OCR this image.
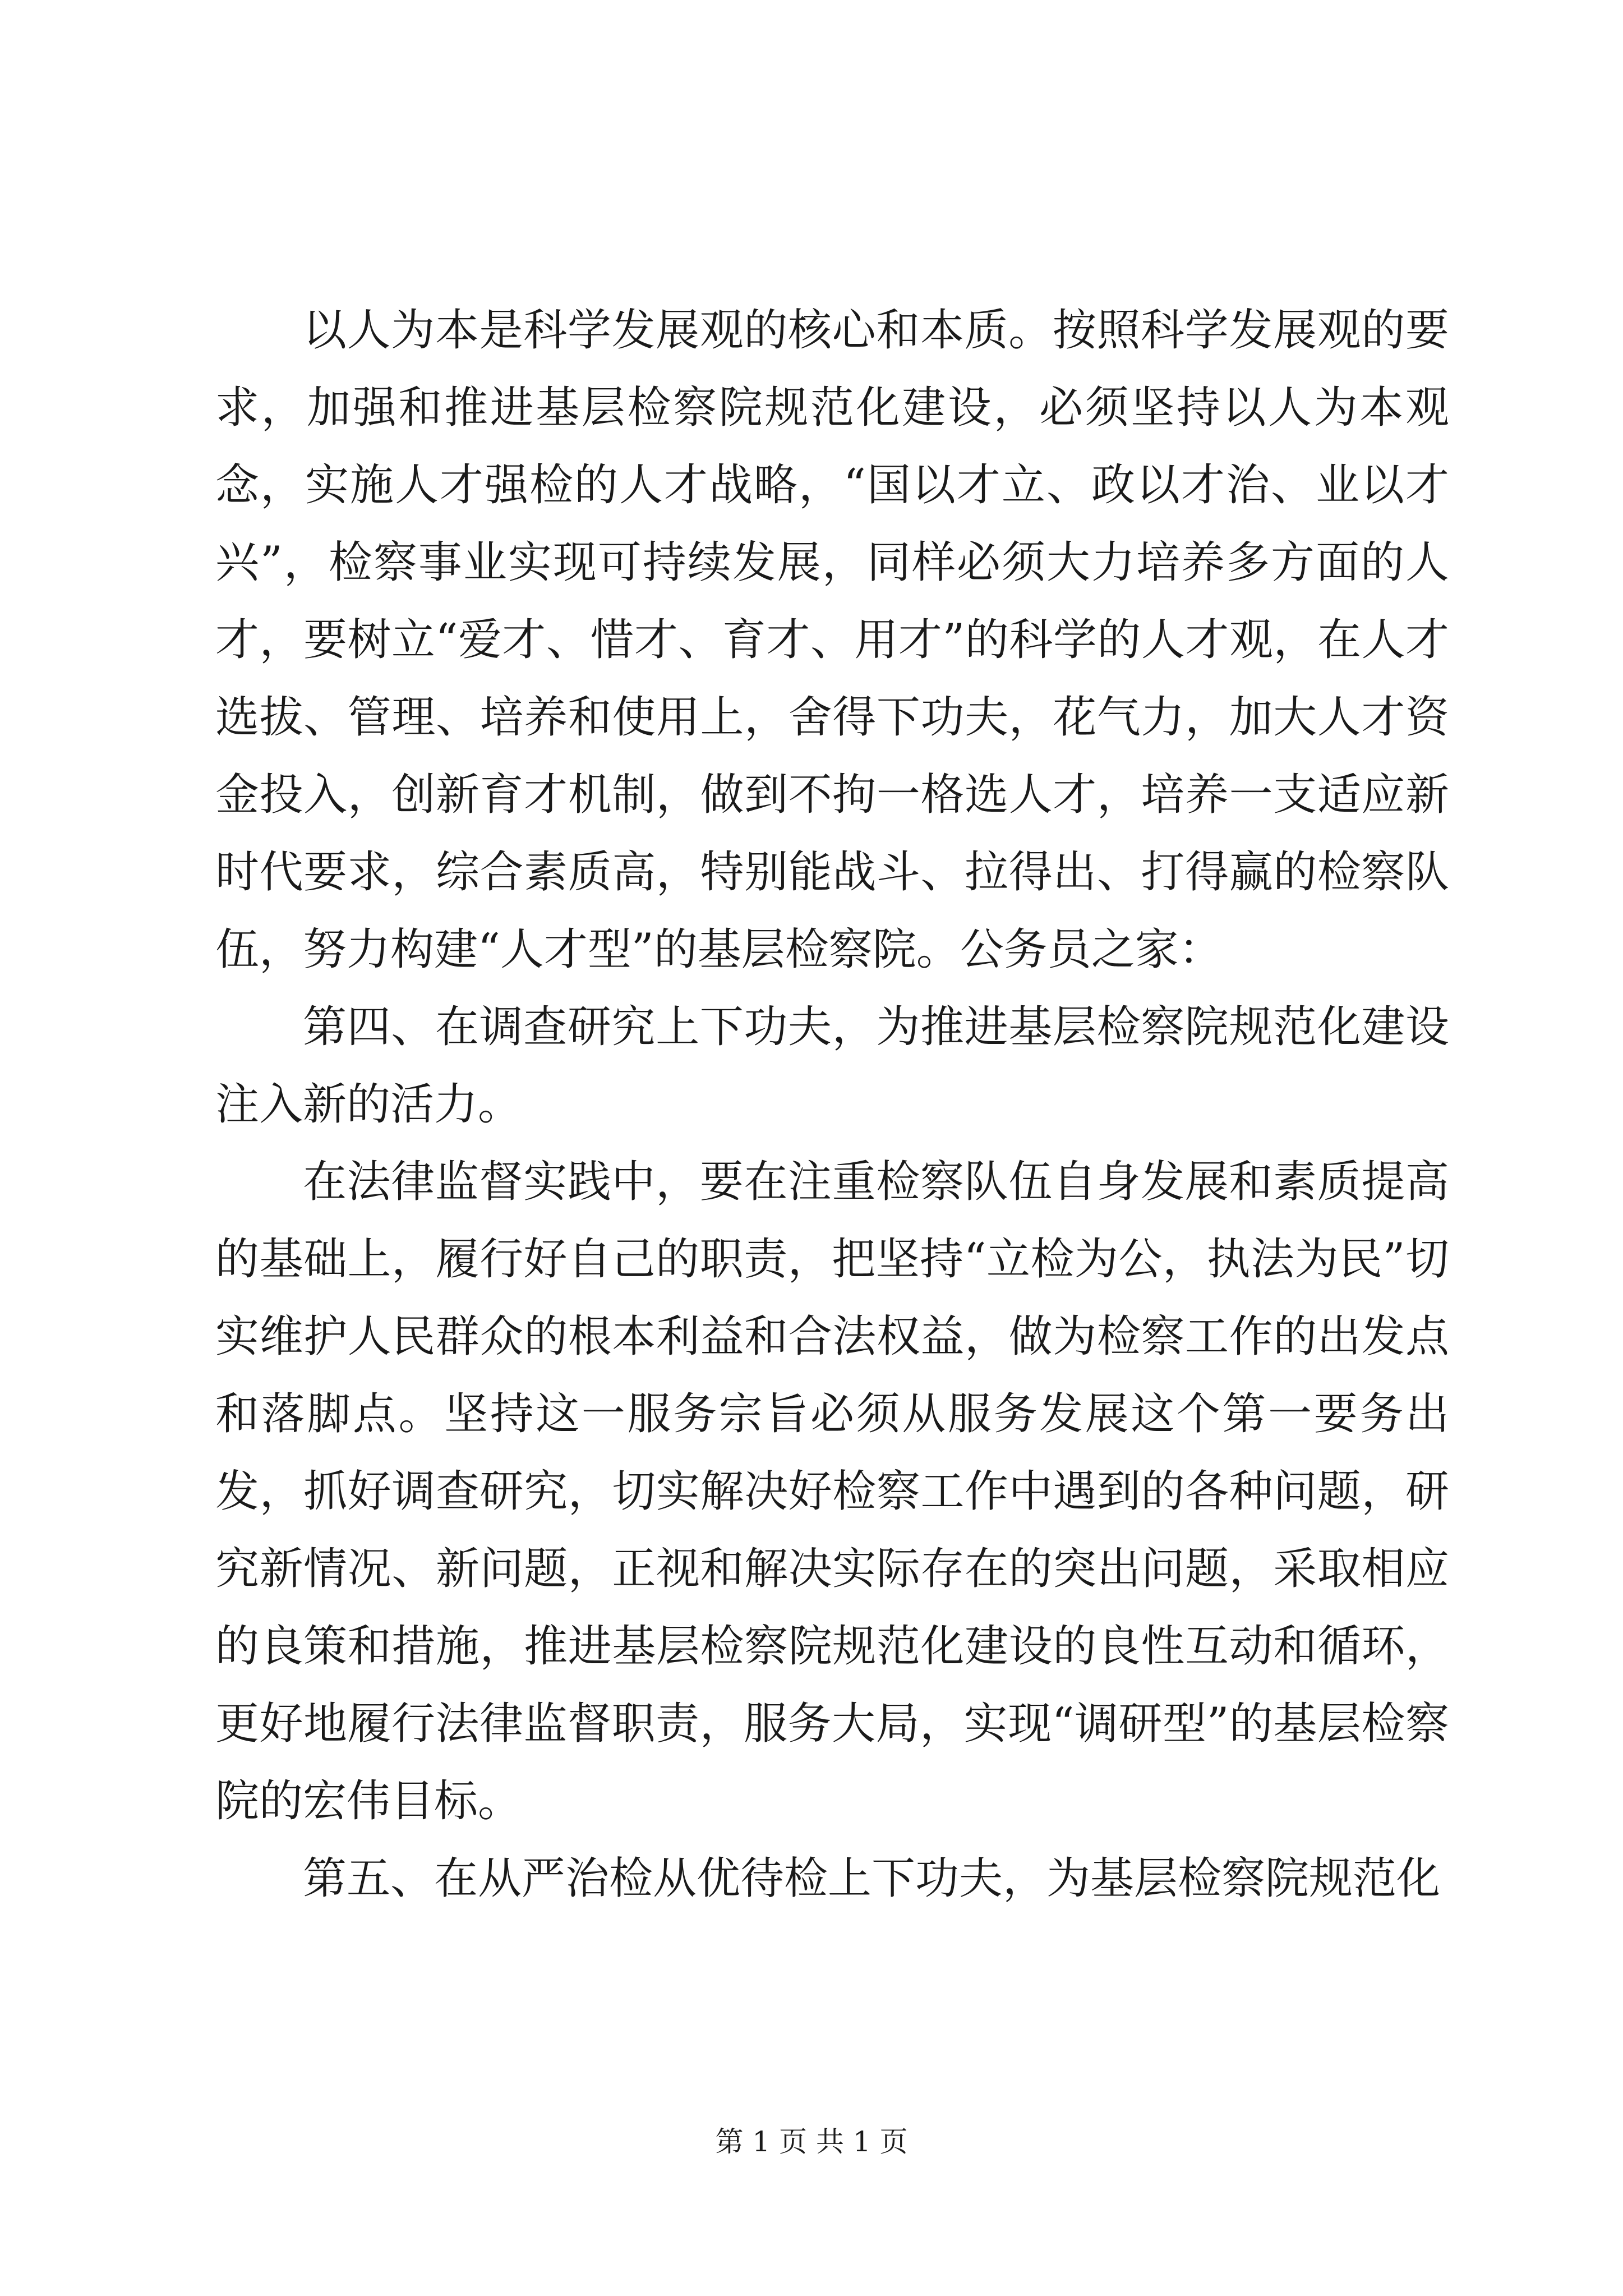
以人为本是科学发展观的核心和本质。按照科学发展观的要求，加强和推进基层检察院规范化建设，必须坚持以人为本观念，实施人才强检的人才战略，“国以才立、政以才治、业以才兴”，检察事业实现可持续发展，同样必须大力培养多方面的人才，要树立“爱才、惜才、育才、用才”的科学的人才观，在人才选拔、管理、培养和使用上，舍得下功夫，花气力，加大人才资金投入，创新育才机制，做到不拘一格选人才，培养一支适应新时代要求，综合素质高，特别能战斗、拉得出、打得赢的检察队伍，努力构建“人才型”的基层检察院。公务员之家：

第四、在调查研究上下功夫，为推进基层检察院规范化建设注入新的活力。

在法律监督实践中，要在注重检察队伍自身发展和素质提高的基础上，履行好自己的职责，把坚持“立检为公，执法为民”切实维护人民群众的根本利益和合法权益，做为检察工作的出发点和落脚点。坚持这一服务宗旨必须从服务发展这个第一要务出发，抓好调查研究，切实解决好检察工作中遇到的各种问题，研究新情况、新问题，正视和解决实际存在的突出问题，采取相应的良策和措施，推进基层检察院规范化建设的良性互动和循环，更好地履行法律监督职责，服务大局，实现“调研型”的基层检察院的宏伟目标。

第五、在从严治检从优待检上下功夫，为基层检察院规范化

第 1 页 共 1 页
